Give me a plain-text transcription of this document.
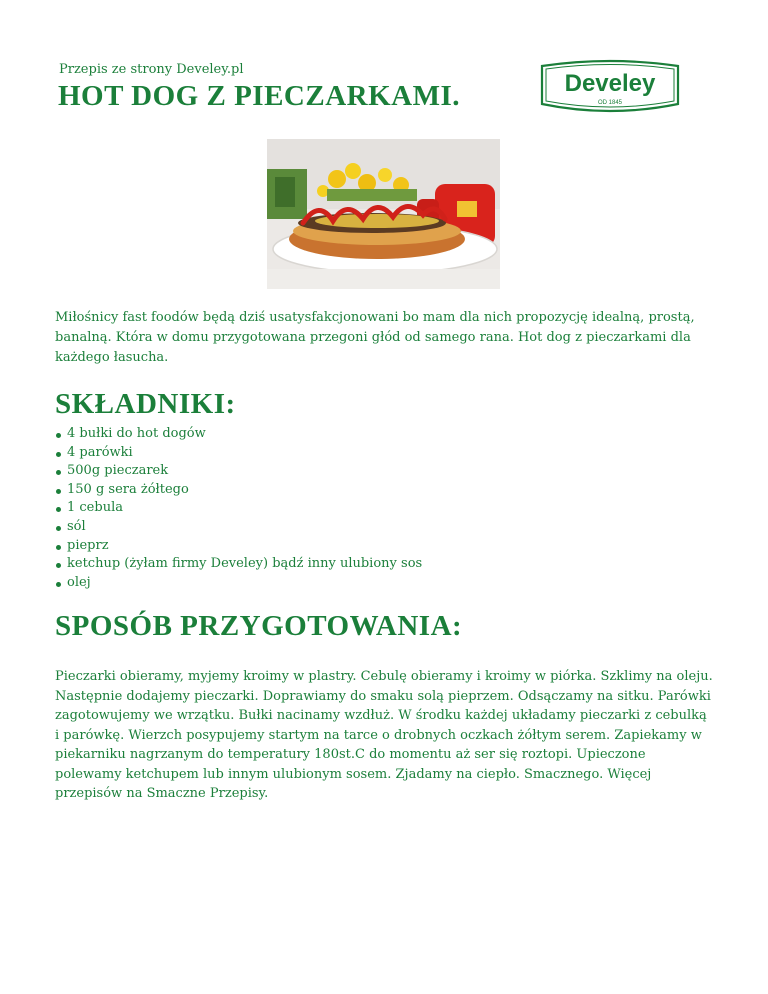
Przepis ze strony Develey.pl
HOT DOG Z PIECZARKAMI.	Develey
OD 1845

Miłośnicy fast foodów będą dziś usatysfakcjonowani bo mam dla nich propozycję idealną, prostą, banalną. Która w domu przygotowana przegoni głód od samego rana. Hot dog z pieczarkami dla każdego łasucha.

SKŁADNIKI:
4 bułki do hot dogów
4 parówki
500g pieczarek
150 g sera żółtego
1 cebula
sól
pieprz
ketchup (żyłam firmy Develey) bądź inny ulubiony sos
olej
SPOSÓB PRZYGOTOWANIA:

Pieczarki obieramy, myjemy kroimy w plastry. Cebulę obieramy i kroimy w piórka. Szklimy na oleju. Następnie dodajemy pieczarki. Doprawiamy do smaku solą pieprzem. Odsączamy na sitku. Parówki zagotowujemy we wrzątku. Bułki nacinamy wzdłuż. W środku każdej układamy pieczarki z cebulką i parówkę. Wierzch posypujemy startym na tarce o drobnych oczkach żółtym serem. Zapiekamy w piekarniku nagrzanym do temperatury 180st.C do momentu aż ser się roztopi. Upieczone polewamy ketchupem lub innym ulubionym sosem. Zjadamy na ciepło. Smacznego. Więcej przepisów na Smaczne Przepisy.
